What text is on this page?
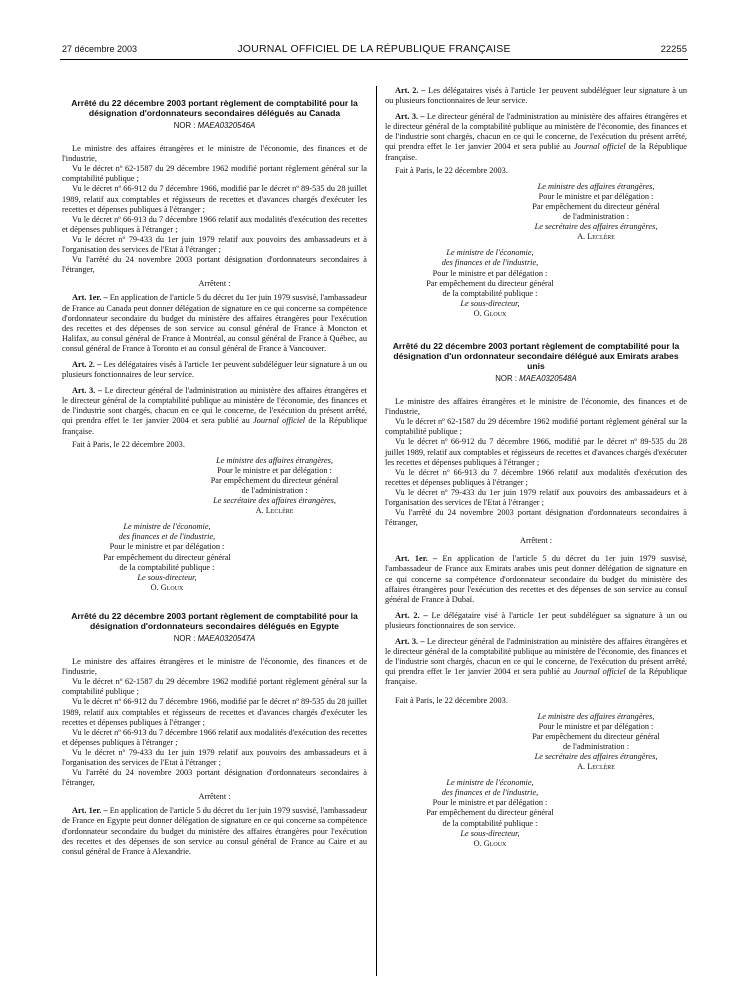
27 décembre 2003	JOURNAL OFFICIEL DE LA RÉPUBLIQUE FRANÇAISE	22255
Arrêté du 22 décembre 2003 portant règlement de comptabilité pour la désignation d'ordonnateurs secondaires délégués au Canada
NOR : MAEA0320546A

Le ministre des affaires étrangères et le ministre de l'économie, des finances et de l'industrie,

Vu le décret nº 62-1587 du 29 décembre 1962 modifié portant règlement général sur la comptabilité publique ;

Vu le décret nº 66-912 du 7 décembre 1966, modifié par le décret nº 89-535 du 28 juillet 1989, relatif aux comptables et régisseurs de recettes et d'avances chargés d'exécuter les recettes et dépenses publiques à l'étranger ;

Vu le décret nº 66-913 du 7 décembre 1966 relatif aux modalités d'exécution des recettes et dépenses publiques à l'étranger ;

Vu le décret nº 79-433 du 1er juin 1979 relatif aux pouvoirs des ambassadeurs et à l'organisation des services de l'Etat à l'étranger ;

Vu l'arrêté du 24 novembre 2003 portant désignation d'ordonnateurs secondaires à l'étranger,

Arrêtent :

Art. 1er. – En application de l'article 5 du décret du 1er juin 1979 susvisé, l'ambassadeur de France au Canada peut donner délégation de signature en ce qui concerne sa compétence d'ordonnateur secondaire du budget du ministère des affaires étrangères pour l'exécution des recettes et des dépenses de son service au consul général de France à Moncton et Halifax, au consul général de France à Montréal, au consul général de France à Québec, au consul général de France à Toronto et au consul général de France à Vancouver.

Art. 2. – Les délégataires visés à l'article 1er peuvent subdéléguer leur signature à un ou plusieurs fonctionnaires de leur service.

Art. 3. – Le directeur général de l'administration au ministère des affaires étrangères et le directeur général de la comptabilité publique au ministère de l'économie, des finances et de l'industrie sont chargés, chacun en ce qui le concerne, de l'exécution du présent arrêté, qui prendra effet le 1er janvier 2004 et sera publié au Journal officiel de la République française.

Fait à Paris, le 22 décembre 2003.

Le ministre des affaires étrangères,
Pour le ministre et par délégation :
Par empêchement du directeur général
de l'administration :
Le secrétaire des affaires étrangères,
A. Leclère
Le ministre de l'économie,
des finances et de l'industrie,
Pour le ministre et par délégation :
Par empêchement du directeur général
de la comptabilité publique :
Le sous-directeur,
O. Gloux
Arrêté du 22 décembre 2003 portant règlement de comptabilité pour la désignation d'ordonnateurs secondaires délégués en Egypte
NOR : MAEA0320547A

Le ministre des affaires étrangères et le ministre de l'économie, des finances et de l'industrie,

Vu le décret nº 62-1587 du 29 décembre 1962 modifié portant règlement général sur la comptabilité publique ;

Vu le décret nº 66-912 du 7 décembre 1966, modifié par le décret nº 89-535 du 28 juillet 1989, relatif aux comptables et régisseurs de recettes et d'avances chargés d'exécuter les recettes et dépenses publiques à l'étranger ;

Vu le décret nº 66-913 du 7 décembre 1966 relatif aux modalités d'exécution des recettes et dépenses publiques à l'étranger ;

Vu le décret nº 79-433 du 1er juin 1979 relatif aux pouvoirs des ambassadeurs et à l'organisation des services de l'Etat à l'étranger ;

Vu l'arrêté du 24 novembre 2003 portant désignation d'ordonnateurs secondaires à l'étranger,

Arrêtent :

Art. 1er. – En application de l'article 5 du décret du 1er juin 1979 susvisé, l'ambassadeur de France en Egypte peut donner délégation de signature en ce qui concerne sa compétence d'ordonnateur secondaire du budget du ministère des affaires étrangères pour l'exécution des recettes et des dépenses de son service au consul général de France au Caire et au consul général de France à Alexandrie.

Art. 2. – Les délégataires visés à l'article 1er peuvent subdéléguer leur signature à un ou plusieurs fonctionnaires de leur service.

Art. 3. – Le directeur général de l'administration au ministère des affaires étrangères et le directeur général de la comptabilité publique au ministère de l'économie, des finances et de l'industrie sont chargés, chacun en ce qui le concerne, de l'exécution du présent arrêté, qui prendra effet le 1er janvier 2004 et sera publié au Journal officiel de la République française.

Fait à Paris, le 22 décembre 2003.

Le ministre des affaires étrangères,
Pour le ministre et par délégation :
Par empêchement du directeur général
de l'administration :
Le secrétaire des affaires étrangères,
A. Leclère
Le ministre de l'économie,
des finances et de l'industrie,
Pour le ministre et par délégation :
Par empêchement du directeur général
de la comptabilité publique :
Le sous-directeur,
O. Gloux
Arrêté du 22 décembre 2003 portant règlement de comptabilité pour la désignation d'un ordonnateur secondaire délégué aux Emirats arabes unis
NOR : MAEA0320548A

Le ministre des affaires étrangères et le ministre de l'économie, des finances et de l'industrie,

Vu le décret nº 62-1587 du 29 décembre 1962 modifié portant règlement général sur la comptabilité publique ;

Vu le décret nº 66-912 du 7 décembre 1966, modifié par le décret nº 89-535 du 28 juillet 1989, relatif aux comptables et régisseurs de recettes et d'avances chargés d'exécuter les recettes et dépenses publiques à l'étranger ;

Vu le décret nº 66-913 du 7 décembre 1966 relatif aux modalités d'exécution des recettes et dépenses publiques à l'étranger ;

Vu le décret nº 79-433 du 1er juin 1979 relatif aux pouvoirs des ambassadeurs et à l'organisation des services de l'Etat à l'étranger ;

Vu l'arrêté du 24 novembre 2003 portant désignation d'ordonnateurs secondaires à l'étranger,

Arrêtent :

Art. 1er. – En application de l'article 5 du décret du 1er juin 1979 susvisé, l'ambassadeur de France aux Emirats arabes unis peut donner délégation de signature en ce qui concerne sa compétence d'ordonnateur secondaire du budget du ministère des affaires étrangères pour l'exécution des recettes et des dépenses de son service au consul général de France à Dubaï.

Art. 2. – Le délégataire visé à l'article 1er peut subdéléguer sa signature à un ou plusieurs fonctionnaires de son service.

Art. 3. – Le directeur général de l'administration au ministère des affaires étrangères et le directeur général de la comptabilité publique au ministère de l'économie, des finances et de l'industrie sont chargés, chacun en ce qui le concerne, de l'exécution du présent arrêté, qui prendra effet le 1er janvier 2004 et sera publié au Journal officiel de la République française.

Fait à Paris, le 22 décembre 2003.

Le ministre des affaires étrangères,
Pour le ministre et par délégation :
Par empêchement du directeur général
de l'administration :
Le secrétaire des affaires étrangères,
A. Leclère
Le ministre de l'économie,
des finances et de l'industrie,
Pour le ministre et par délégation :
Par empêchement du directeur général
de la comptabilité publique :
Le sous-directeur,
O. Gloux
